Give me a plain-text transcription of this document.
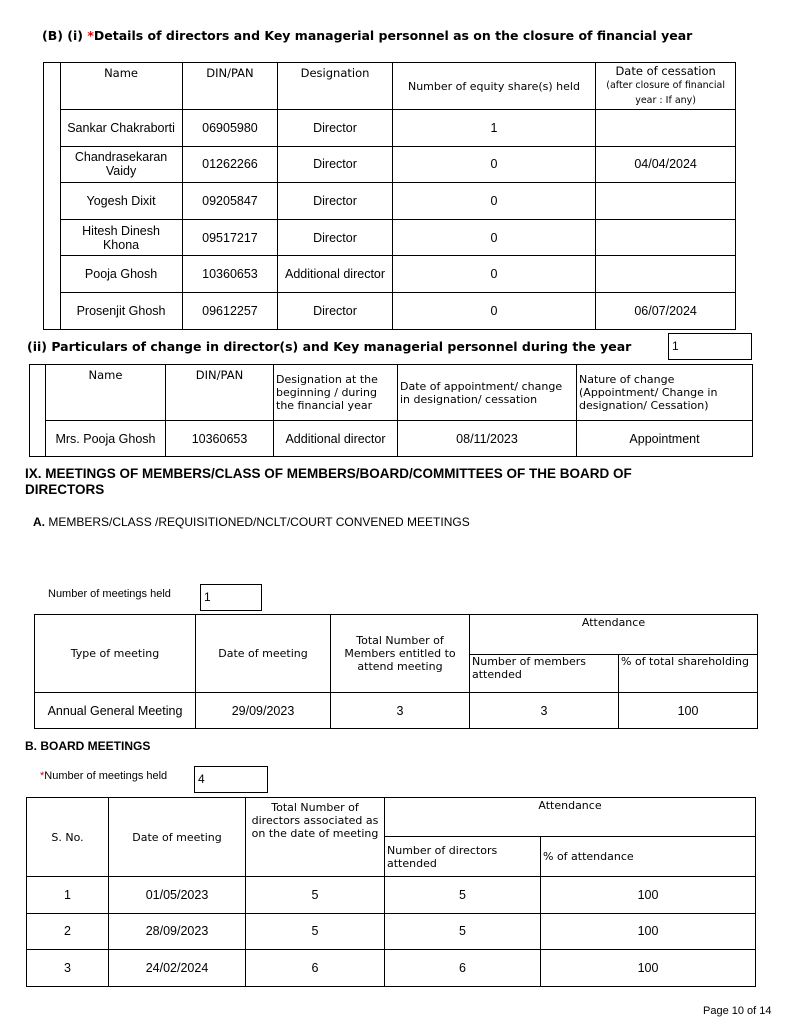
(B) (i) *Details of directors and Key managerial personnel as on the closure of financial year
	Name	DIN/PAN	Designation	Number of equity share(s) held	Date of cessation
(after closure of financial year : If any)

	Sankar Chakraborti	06905980	Director	1	
	Chandrasekaran Vaidy	01262266	Director	0	04/04/2024
	Yogesh Dixit	09205847	Director	0	
	Hitesh Dinesh Khona	09517217	Director	0	
	Pooja Ghosh	10360653	Additional director	0	
	Prosenjit Ghosh	09612257	Director	0	06/07/2024
(ii) Particulars of change in director(s) and Key managerial personnel during the year	1
	Name	DIN/PAN	Designation at the beginning / during the financial year	Date of appointment/ change in designation/ cessation	Nature of change (Appointment/ Change in designation/ Cessation)
	Mrs. Pooja Ghosh	10360653	Additional director	08/11/2023	Appointment
IX. MEETINGS OF MEMBERS/CLASS OF MEMBERS/BOARD/COMMITTEES OF THE BOARD OF DIRECTORS
A. MEMBERS/CLASS /REQUISITIONED/NCLT/COURT CONVENED MEETINGS
Number of meetings held	1
Type of meeting	Date of meeting	Total Number of Members entitled to attend meeting	Attendance	
			Number of members attended	% of total shareholding
Annual General Meeting	29/09/2023	3	3	100
B. BOARD MEETINGS
*Number of meetings held	4
S. No.	Date of meeting	Total Number of directors associated as on the date of meeting	Attendance	
			Number of directors attended	% of attendance
1	01/05/2023	5	5	100
2	28/09/2023	5	5	100
3	24/02/2024	6	6	100
Page 10 of 14
